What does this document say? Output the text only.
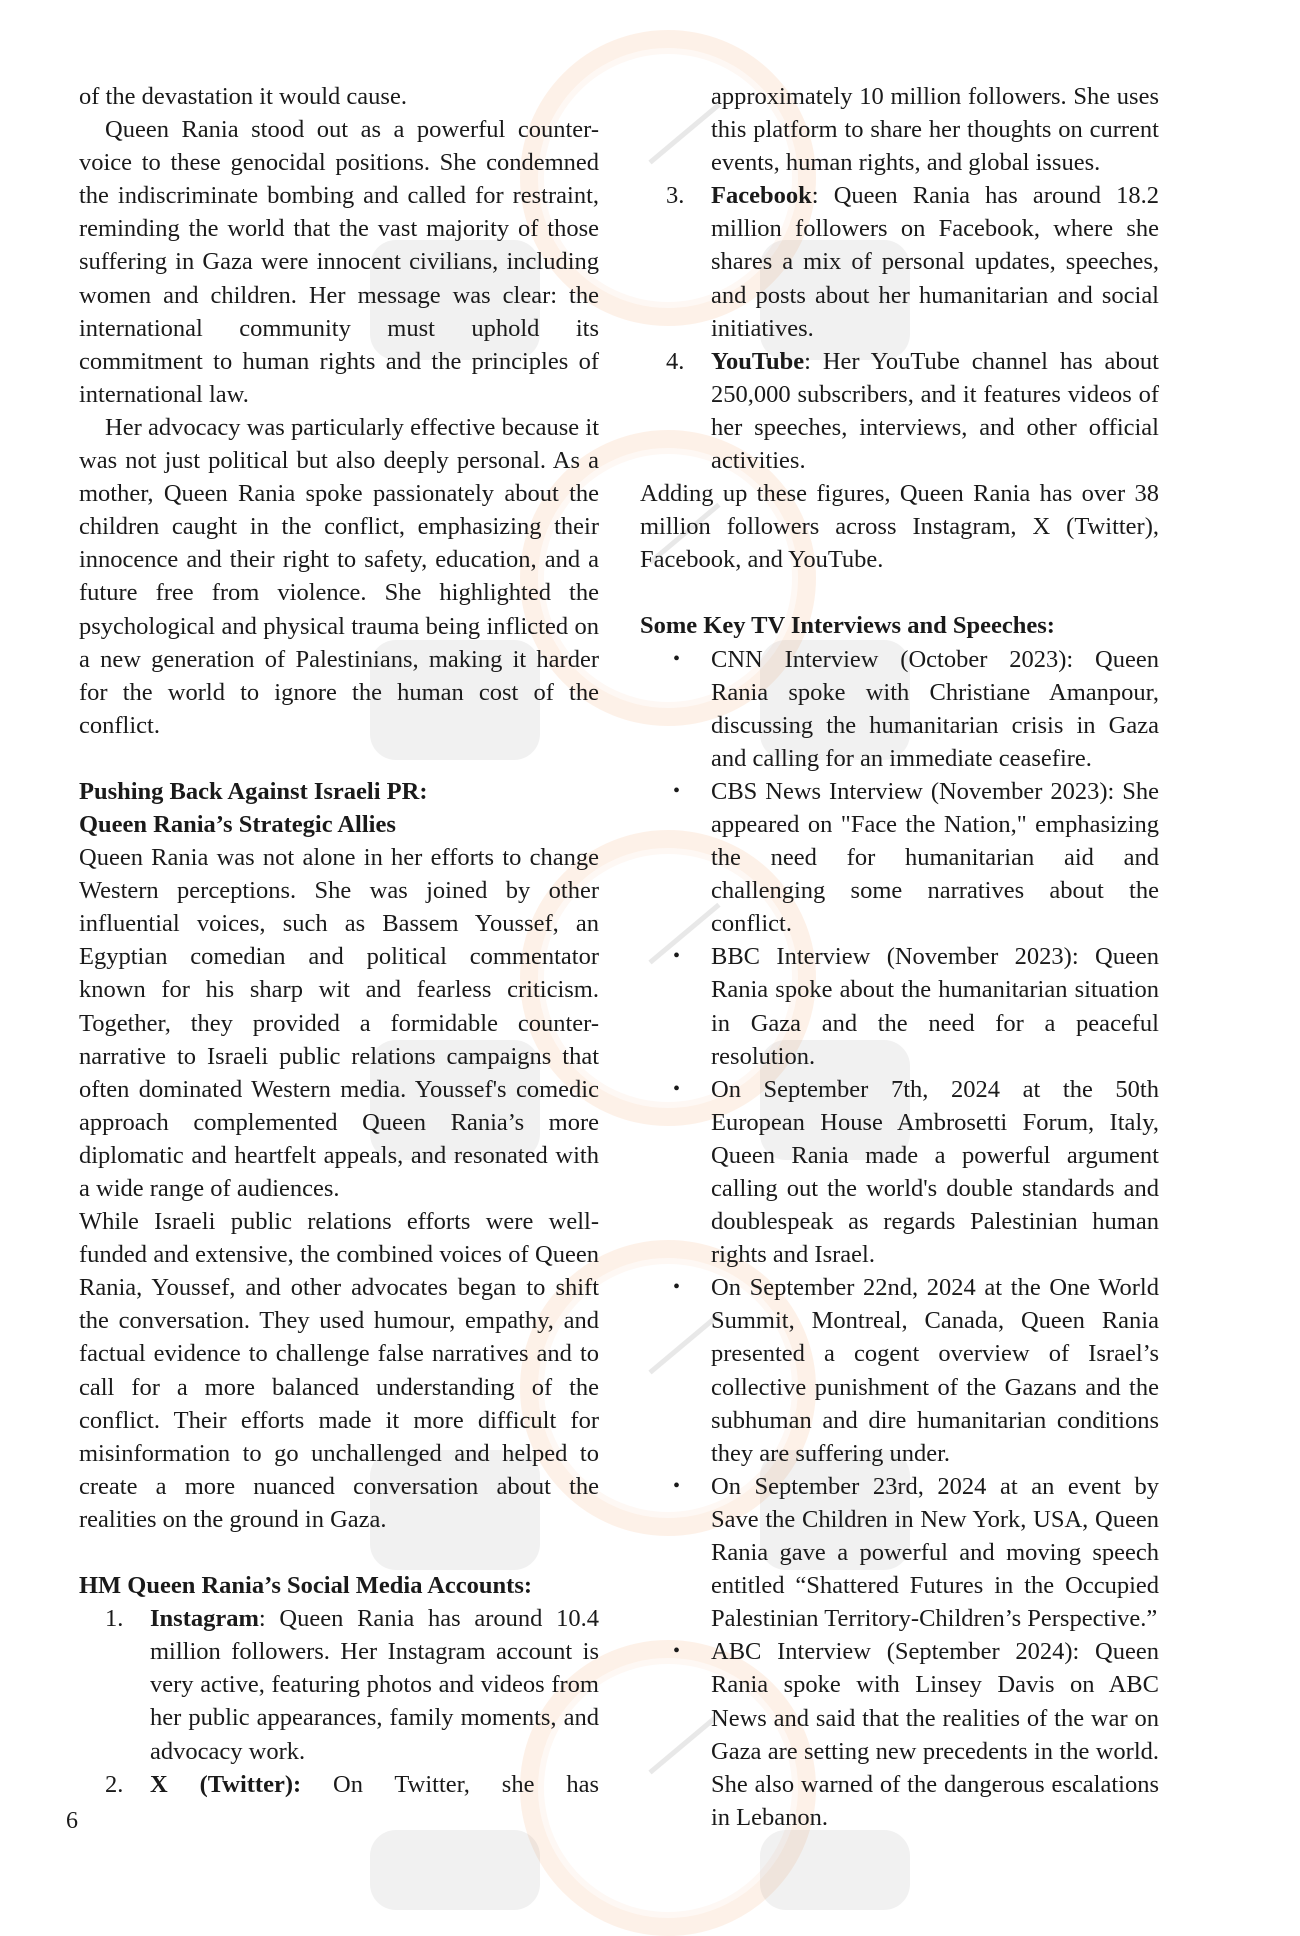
of the devastation it would cause.

Queen Rania stood out as a powerful counter-voice to these genocidal positions. She condemned the indiscriminate bombing and called for restraint, reminding the world that the vast majority of those suffering in Gaza were innocent civilians, including women and children. Her message was clear: the international community must uphold its commitment to human rights and the principles of international law.

Her advocacy was particularly effective because it was not just political but also deeply personal. As a mother, Queen Rania spoke passionately about the children caught in the conflict, emphasizing their innocence and their right to safety, education, and a future free from violence. She highlighted the psychological and physical trauma being inflicted on a new generation of Palestinians, making it harder for the world to ignore the human cost of the conflict.

Pushing Back Against Israeli PR:

Queen Rania’s Strategic Allies

Queen Rania was not alone in her efforts to change Western perceptions. She was joined by other influential voices, such as Bassem Youssef, an Egyptian comedian and political commentator known for his sharp wit and fearless criticism. Together, they provided a formidable counter-narrative to Israeli public relations campaigns that often dominated Western media. Youssef's comedic approach complemented Queen Rania’s more diplomatic and heartfelt appeals, and resonated with a wide range of audiences.

While Israeli public relations efforts were well-funded and extensive, the combined voices of Queen Rania, Youssef, and other advocates began to shift the conversation. They used humour, empathy, and factual evidence to challenge false narratives and to call for a more balanced understanding of the conflict. Their efforts made it more difficult for misinformation to go unchallenged and helped to create a more nuanced conversation about the realities on the ground in Gaza.

HM Queen Rania’s Social Media Accounts:

1. Instagram: Queen Rania has around 10.4 million followers. Her Instagram account is very active, featuring photos and videos from her public appearances, family moments, and advocacy work.
2. X (Twitter): On Twitter, she has

approximately 10 million followers. She uses this platform to share her thoughts on current events, human rights, and global issues.

3. Facebook: Queen Rania has around 18.2 million followers on Facebook, where she shares a mix of personal updates, speeches, and posts about her humanitarian and social initiatives.
4. YouTube: Her YouTube channel has about 250,000 subscribers, and it features videos of her speeches, interviews, and other official activities.

Adding up these figures, Queen Rania has over 38 million followers across Instagram, X (Twitter), Facebook, and YouTube.

Some Key TV Interviews and Speeches:

• CNN Interview (October 2023): Queen Rania spoke with Christiane Amanpour, discussing the humanitarian crisis in Gaza and calling for an immediate ceasefire.
• CBS News Interview (November 2023): She appeared on "Face the Nation," emphasizing the need for humanitarian aid and challenging some narratives about the conflict.
• BBC Interview (November 2023): Queen Rania spoke about the humanitarian situation in Gaza and the need for a peaceful resolution.
• On September 7th, 2024 at the 50th European House Ambrosetti Forum, Italy, Queen Rania made a powerful argument calling out the world's double standards and doublespeak as regards Palestinian human rights and Israel.
• On September 22nd, 2024 at the One World Summit, Montreal, Canada, Queen Rania presented a cogent overview of Israel’s collective punishment of the Gazans and the subhuman and dire humanitarian conditions they are suffering under.
• On September 23rd, 2024 at an event by Save the Children in New York, USA, Queen Rania gave a powerful and moving speech entitled “Shattered Futures in the Occupied Palestinian Territory-Children’s Perspective.”
• ABC Interview (September 2024): Queen Rania spoke with Linsey Davis on ABC News and said that the realities of the war on Gaza are setting new precedents in the world. She also warned of the dangerous escalations in Lebanon.
6
